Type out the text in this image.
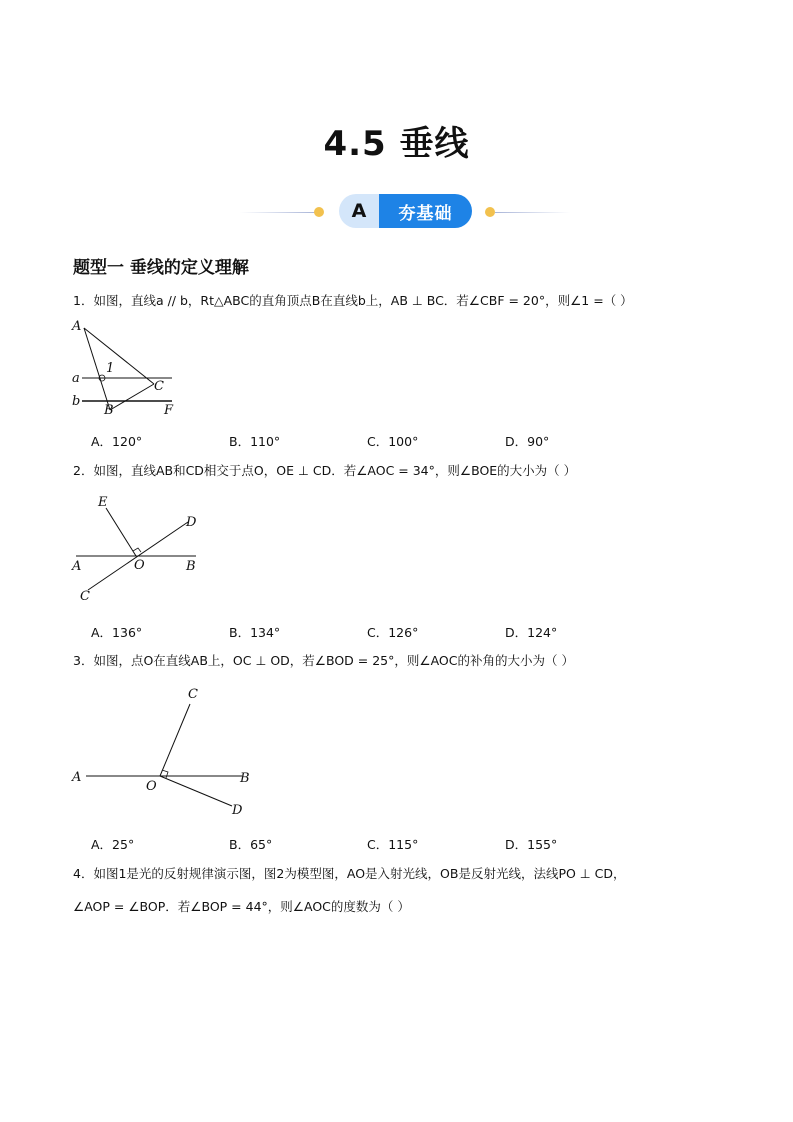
4.5 垂线
A	夯基础
题型一 垂线的定义理解
1．如图，直线a // b，Rt△ABC的直角顶点B在直线b上，AB ⊥ BC．若∠CBF = 20°，则∠1 =（ ）
A
a
1
C
b
B	F
A．120°	B．110°	C．100°	D．90°
2．如图，直线AB和CD相交于点O，OE ⊥ CD．若∠AOC = 34°，则∠BOE的大小为（ ）
E
D
A	O	B
C
A．136°	B．134°	C．126°	D．124°
3．如图，点O在直线AB上，OC ⊥ OD，若∠BOD = 25°，则∠AOC的补角的大小为（ ）
C
A
O
B
D
A．25°	B．65°	C．115°	D．155°
4．如图1是光的反射规律演示图，图2为模型图，AO是入射光线，OB是反射光线，法线PO ⊥ CD，
∠AOP = ∠BOP．若∠BOP = 44°，则∠AOC的度数为（ ）
